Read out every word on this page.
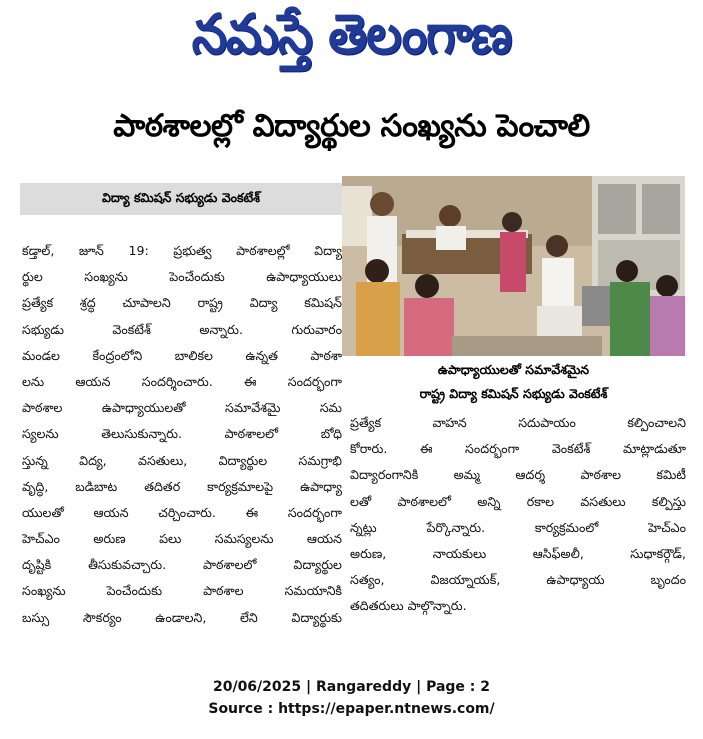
నమస్తే తెలంగాణ
పాఠశాలల్లో విద్యార్థుల సంఖ్యను పెంచాలి
విద్యా కమిషన్ సభ్యుడు వెంకటేశ్
ఉపాధ్యాయులతో సమావేశమైన
రాష్ట్ర విద్యా కమిషన్ సభ్యుడు వెంకటేశ్
కడ్తాల్, జూన్ 19: ప్రభుత్వ పాఠశాలల్లో విద్యా
ర్థుల సంఖ్యను పెంచేందుకు ఉపాధ్యాయులు
ప్రత్యేక శ్రద్ధ చూపాలని రాష్ట్ర విద్యా కమిషన్
సభ్యుడు వెంకటేశ్ అన్నారు. గురువారం
మండల కేంద్రంలోని బాలికల ఉన్నత పాఠశా
లను ఆయన సందర్శించారు. ఈ సందర్భంగా
పాఠశాల ఉపాధ్యాయులతో సమావేశమై సమ
స్యలను తెలుసుకున్నారు. పాఠశాలలో బోధి
స్తున్న విద్య, వసతులు, విద్యార్థుల సమగ్రాభి
వృద్ధి, బడిబాట తదితర కార్యక్రమాలపై ఉపాధ్యా
యులతో ఆయన చర్చించారు. ఈ సందర్భంగా
హెచ్ఎం అరుణ పలు సమస్యలను ఆయన
దృష్టికి తీసుకువచ్చారు. పాఠశాలలో విద్యార్థుల
సంఖ్యను పెంచేందుకు పాఠశాల సమయానికి
బస్సు సౌకర్యం ఉండాలని, లేని విద్యార్థుకు
ప్రత్యేక వాహన సదుపాయం కల్పించాలని
కోరారు. ఈ సందర్భంగా వెంకటేశ్ మాట్లాడుతూ
విద్యారంగానికి అమ్మ ఆదర్శ పాఠశాల కమిటీ
లతో పాఠశాలలో అన్ని రకాల వసతులు కల్పిస్తు
న్నట్లు పేర్కొన్నారు. కార్యక్రమంలో హెచ్ఎం
అరుణ, నాయకులు ఆసిఫ్అలీ, సుధాకర్గౌడ్,
సత్యం, విజయ్నాయక్, ఉపాధ్యాయ బృందం
తదితరులు పాల్గొన్నారు.
20/06/2025 | Rangareddy | Page : 2
Source : https://epaper.ntnews.com/
